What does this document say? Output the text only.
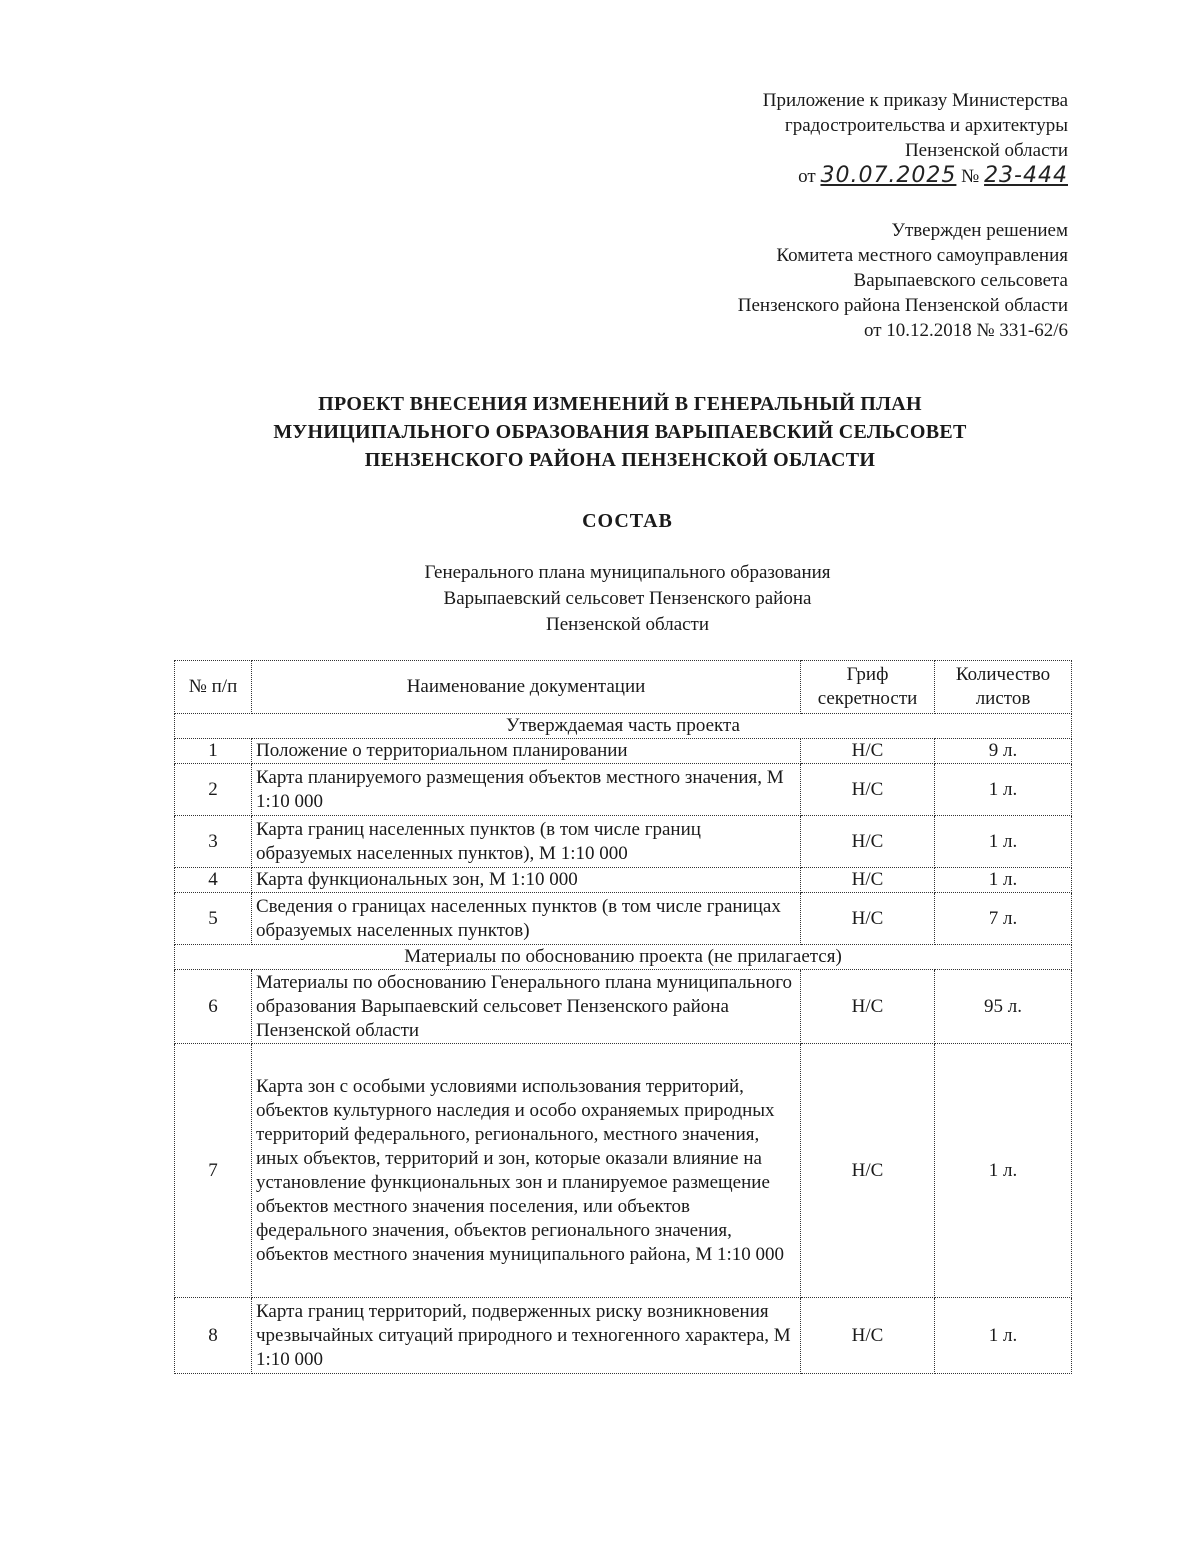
Приложение к приказу Министерства
градостроительства и архитектуры
Пензенской области
от 30.07.2025 № 23-444
Утвержден решением
Комитета местного самоуправления
Варыпаевского сельсовета
Пензенского района Пензенской области
от 10.12.2018 № 331-62/6
ПРОЕКТ ВНЕСЕНИЯ ИЗМЕНЕНИЙ В ГЕНЕРАЛЬНЫЙ ПЛАН
МУНИЦИПАЛЬНОГО ОБРАЗОВАНИЯ ВАРЫПАЕВСКИЙ СЕЛЬСОВЕТ
ПЕНЗЕНСКОГО РАЙОНА ПЕНЗЕНСКОЙ ОБЛАСТИ
СОСТАВ
Генерального плана муниципального образования
Варыпаевский сельсовет Пензенского района
Пензенской области
№ п/п	Наименование документации	Гриф секретности	Количество листов
Утверждаемая часть проекта			
1	Положение о территориальном планировании	Н/С	9 л.
2	Карта планируемого размещения объектов местного значения, М 1:10 000	Н/С	1 л.
3	Карта границ населенных пунктов (в том числе границ образуемых населенных пунктов), М 1:10 000	Н/С	1 л.
4	Карта функциональных зон, М 1:10 000	Н/С	1 л.
5	Сведения о границах населенных пунктов (в том числе границах образуемых населенных пунктов)	Н/С	7 л.
Материалы по обоснованию проекта (не прилагается)			
6	Материалы по обоснованию Генерального плана муниципального образования Варыпаевский сельсовет Пензенского района Пензенской области	Н/С	95 л.
7	Карта зон с особыми условиями использования территорий, объектов культурного наследия и особо охраняемых природных территорий федерального, регионального, местного значения, иных объектов, территорий и зон, которые оказали влияние на установление функциональных зон и планируемое размещение объектов местного значения поселения, или объектов федерального значения, объектов регионального значения, объектов местного значения муниципального района, М 1:10 000	Н/С	1 л.
8	Карта границ территорий, подверженных риску возникновения чрезвычайных ситуаций природного и техногенного характера, М 1:10 000	Н/С	1 л.
